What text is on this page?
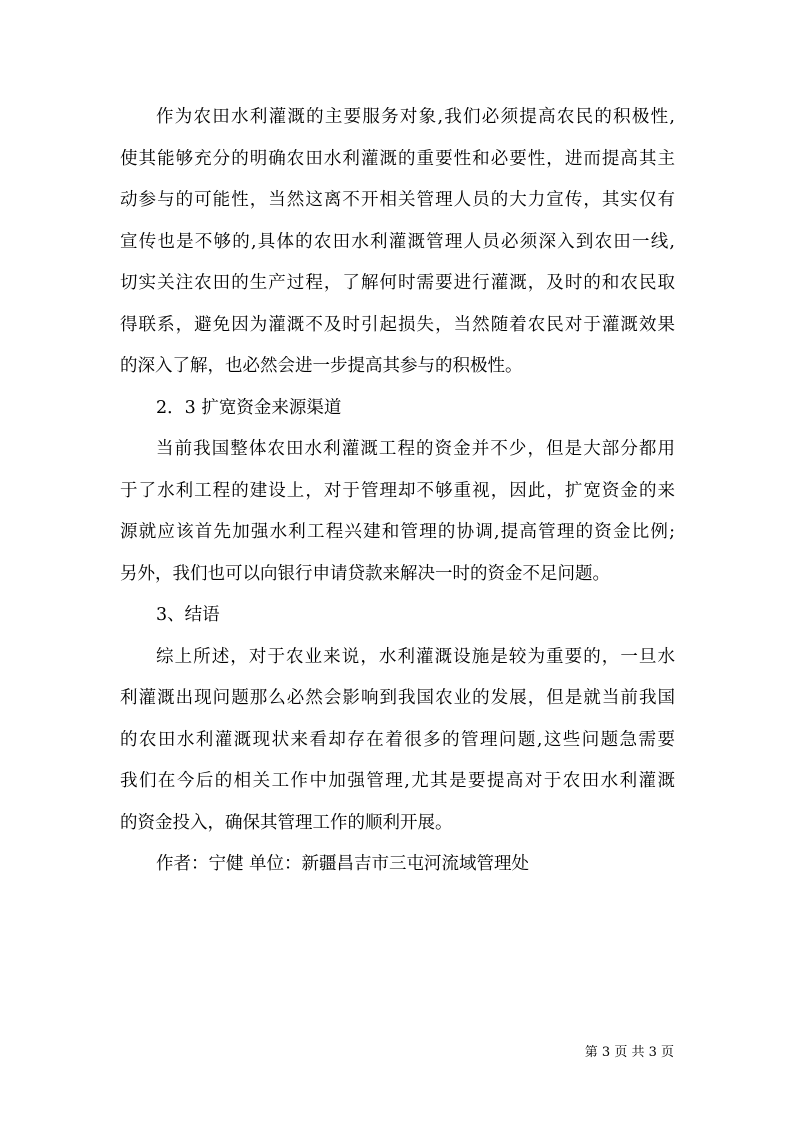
作为农田水利灌溉的主要服务对象,我们必须提高农民的积极性,
使其能够充分的明确农田水利灌溉的重要性和必要性，进而提高其主
动参与的可能性，当然这离不开相关管理人员的大力宣传，其实仅有
宣传也是不够的,具体的农田水利灌溉管理人员必须深入到农田一线,
切实关注农田的生产过程，了解何时需要进行灌溉，及时的和农民取
得联系，避免因为灌溉不及时引起损失，当然随着农民对于灌溉效果
的深入了解，也必然会进一步提高其参与的积极性。
2．3 扩宽资金来源渠道
当前我国整体农田水利灌溉工程的资金并不少，但是大部分都用
于了水利工程的建设上，对于管理却不够重视，因此，扩宽资金的来
源就应该首先加强水利工程兴建和管理的协调,提高管理的资金比例;
另外，我们也可以向银行申请贷款来解决一时的资金不足问题。
3、结语
综上所述，对于农业来说，水利灌溉设施是较为重要的，一旦水
利灌溉出现问题那么必然会影响到我国农业的发展，但是就当前我国
的农田水利灌溉现状来看却存在着很多的管理问题,这些问题急需要
我们在今后的相关工作中加强管理,尤其是要提高对于农田水利灌溉
的资金投入，确保其管理工作的顺利开展。
作者：宁健 单位：新疆昌吉市三屯河流域管理处
第 3 页 共 3 页
